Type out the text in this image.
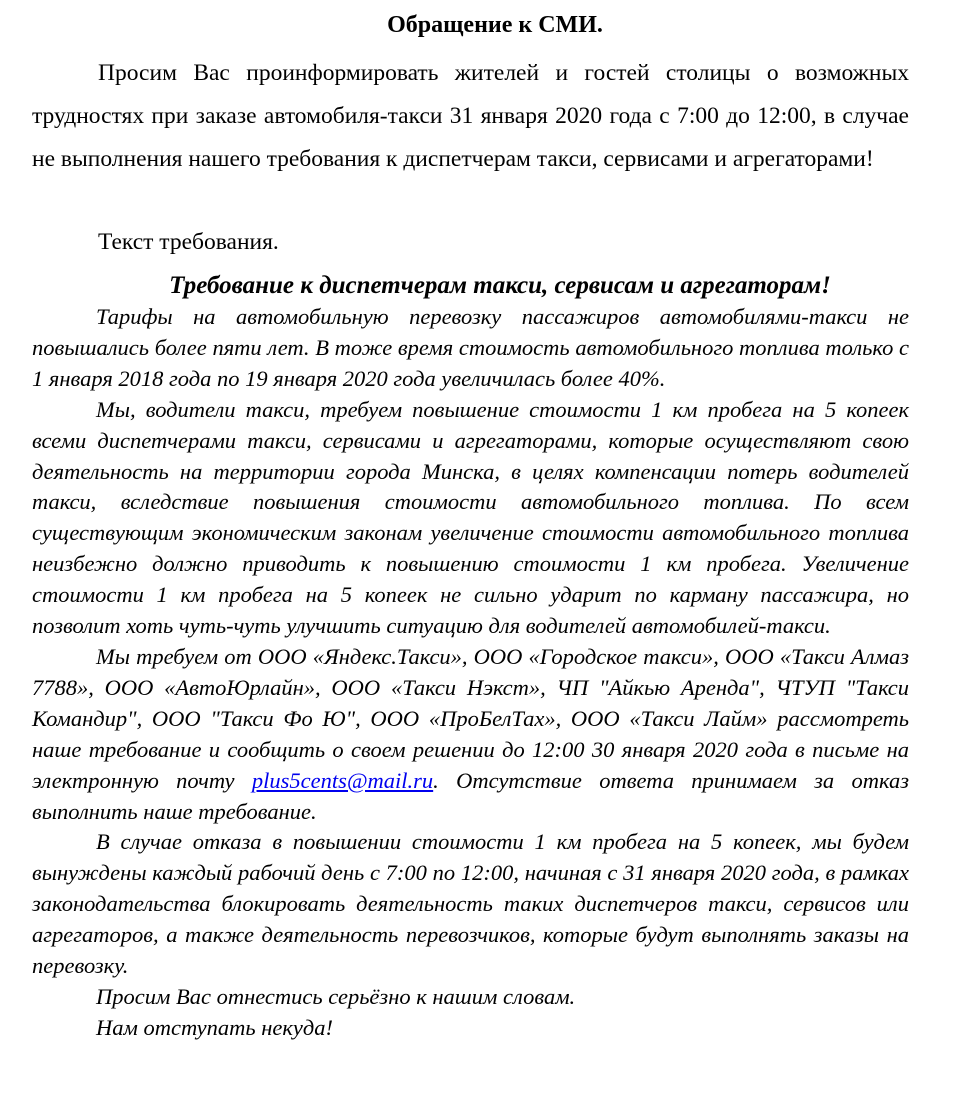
Обращение к СМИ.

Просим Вас проинформировать жителей и гостей столицы о возможных трудностях при заказе автомобиля-такси 31 января 2020 года с 7:00 до 12:00, в случае не выполнения нашего требования к диспетчерам такси, сервисами и агрегаторами!

Текст требования.
Требование к диспетчерам такси, сервисам и агрегаторам!

Тарифы на автомобильную перевозку пассажиров автомобилями-такси не повышались более пяти лет. В тоже время стоимость автомобильного топлива только с 1 января 2018 года по 19 января 2020 года увеличилась более 40%.

Мы, водители такси, требуем повышение стоимости 1 км пробега на 5 копеек всеми диспетчерами такси, сервисами и агрегаторами, которые осуществляют свою деятельность на территории города Минска, в целях компенсации потерь водителей такси, вследствие повышения стоимости автомобильного топлива. По всем существующим экономическим законам увеличение стоимости автомобильного топлива неизбежно должно приводить к повышению стоимости 1 км пробега. Увеличение стоимости 1 км пробега на 5 копеек не сильно ударит по карману пассажира, но позволит хоть чуть-чуть улучшить ситуацию для водителей автомобилей-такси.

Мы требуем от ООО «Яндекс.Такси», ООО «Городское такси», ООО «Такси Алмаз 7788», ООО «АвтоЮрлайн», ООО «Такси Нэкст», ЧП "Айкью Аренда", ЧТУП "Такси Командир", ООО "Такси Фо Ю", ООО «ПроБелТах», ООО «Такси Лайм» рассмотреть наше требование и сообщить о своем решении до 12:00 30 января 2020 года в письме на электронную почту plus5cents@mail.ru. Отсутствие ответа принимаем за отказ выполнить наше требование.

В случае отказа в повышении стоимости 1 км пробега на 5 копеек, мы будем вынуждены каждый рабочий день с 7:00 по 12:00, начиная с 31 января 2020 года, в рамках законодательства блокировать деятельность таких диспетчеров такси, сервисов или агрегаторов, а также деятельность перевозчиков, которые будут выполнять заказы на перевозку.

Просим Вас отнестись серьёзно к нашим словам.

Нам отступать некуда!
